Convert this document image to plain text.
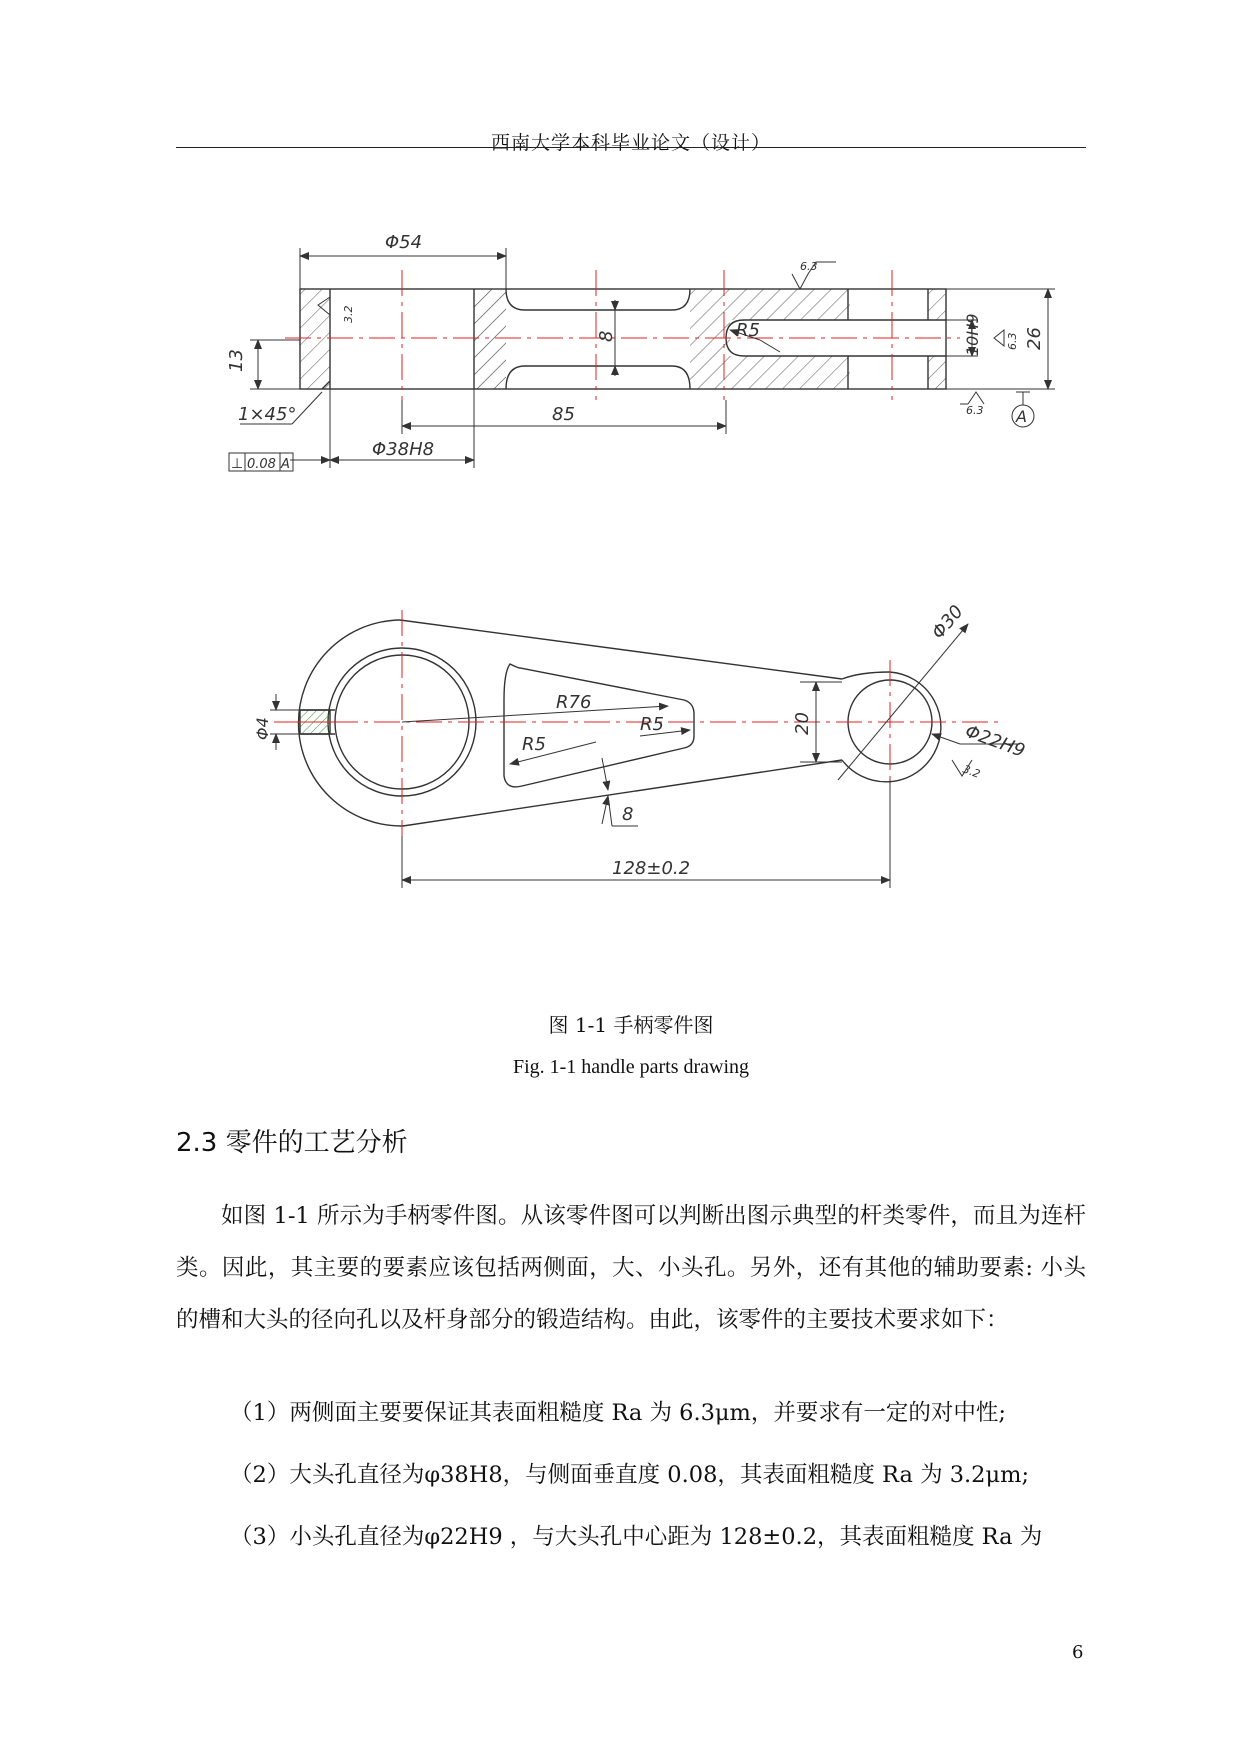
西南大学本科毕业论文（设计）
Φ54
3.2
13
1×45°
8	R5
6.3
10H9 6.3 26
85
Φ38H8
6.3 A
⊥ 0.08 A
Φ30
Φ4
R76
R5
R5
20	Φ22H9
3.2
8
128±0.2
图 1-1 手柄零件图
Fig. 1-1 handle parts drawing
2.3 零件的工艺分析
如图 1-1 所示为手柄零件图。从该零件图可以判断出图示典型的杆类零件，而且为连杆类。因此，其主要的要素应该包括两侧面，大、小头孔。另外，还有其他的辅助要素: 小头的槽和大头的径向孔以及杆身部分的锻造结构。由此，该零件的主要技术要求如下：
（1）两侧面主要要保证其表面粗糙度 Ra 为 6.3μm，并要求有一定的对中性;
（2）大头孔直径为φ38H8，与侧面垂直度 0.08，其表面粗糙度 Ra 为 3.2μm;
（3）小头孔直径为φ22H9 ，与大头孔中心距为 128±0.2，其表面粗糙度 Ra 为
6
